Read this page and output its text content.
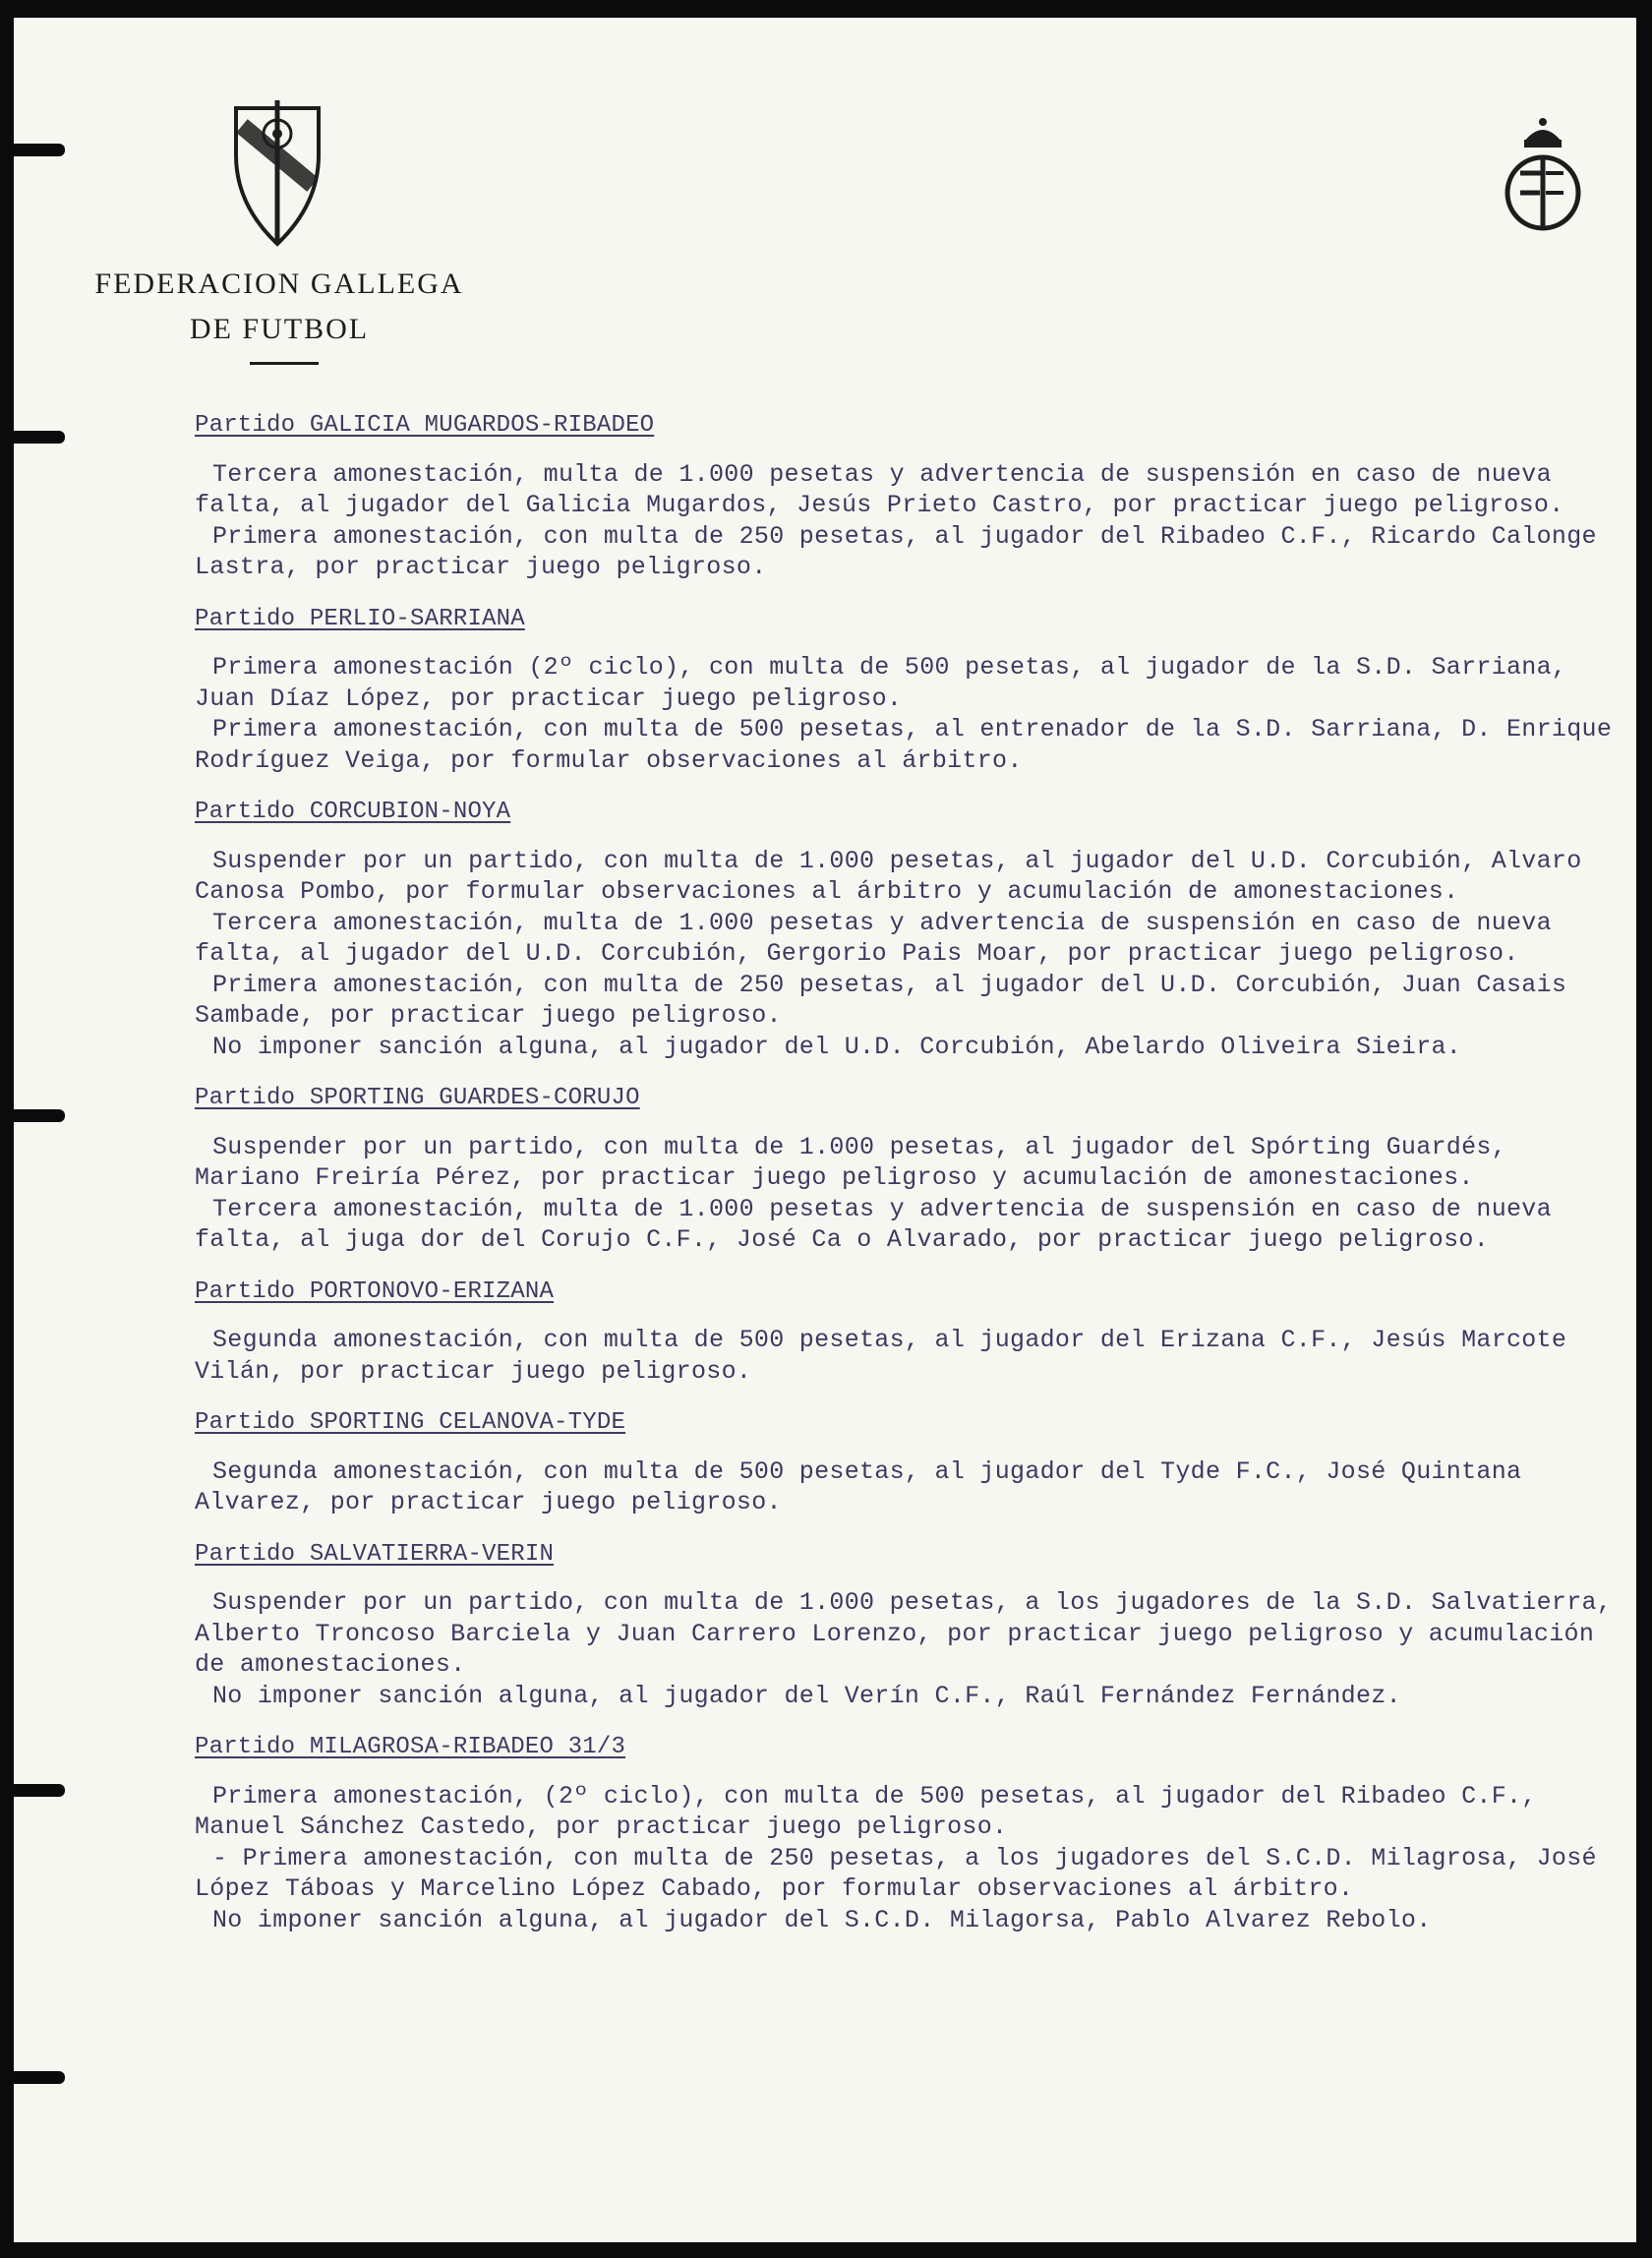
FEDERACION GALLEGA
DE FUTBOL
Partido GALICIA MUGARDOS-RIBADEO

Tercera amonestación, multa de 1.000 pesetas y advertencia de suspensión en caso de nueva falta, al jugador del Galicia Mugardos, Jesús Prieto Castro, por practicar juego peligroso.

Primera amonestación, con multa de 250 pesetas, al jugador del Ribadeo C.F., Ricardo Calonge Lastra, por practicar juego peligroso.

Partido PERLIO-SARRIANA

Primera amonestación (2º ciclo), con multa de 500 pesetas, al jugador de la S.D. Sarriana, Juan Díaz López, por practicar juego peligroso.

Primera amonestación, con multa de 500 pesetas, al entrenador de la S.D. Sarriana, D. Enrique Rodríguez Veiga, por formular observaciones al árbitro.

Partido CORCUBION-NOYA

Suspender por un partido, con multa de 1.000 pesetas, al jugador del U.D. Corcubión, Alvaro Canosa Pombo, por formular observaciones al árbitro y acumulación de amonestaciones.

Tercera amonestación, multa de 1.000 pesetas y advertencia de suspensión en caso de nueva falta, al jugador del U.D. Corcubión, Gergorio Pais Moar, por practicar juego peligroso.

Primera amonestación, con multa de 250 pesetas, al jugador del U.D. Corcubión, Juan Casais Sambade, por practicar juego peligroso.

No imponer sanción alguna, al jugador del U.D. Corcubión, Abelardo Oliveira Sieira.

Partido SPORTING GUARDES-CORUJO

Suspender por un partido, con multa de 1.000 pesetas, al jugador del Spórting Guardés, Mariano Freiría Pérez, por practicar juego peligroso y acumulación de amonestaciones.

Tercera amonestación, multa de 1.000 pesetas y advertencia de suspensión en caso de nueva falta, al juga dor del Corujo C.F., José Ca o Alvarado, por practicar juego peligroso.

Partido PORTONOVO-ERIZANA

Segunda amonestación, con multa de 500 pesetas, al jugador del Erizana C.F., Jesús Marcote Vilán, por practicar juego peligroso.

Partido SPORTING CELANOVA-TYDE

Segunda amonestación, con multa de 500 pesetas, al jugador del Tyde F.C., José Quintana Alvarez, por practicar juego peligroso.

Partido SALVATIERRA-VERIN

Suspender por un partido, con multa de 1.000 pesetas, a los jugadores de la S.D. Salvatierra, Alberto Troncoso Barciela y Juan Carrero Lorenzo, por practicar juego peligroso y acumulación de amonestaciones.

No imponer sanción alguna, al jugador del Verín C.F., Raúl Fernández Fernández.

Partido MILAGROSA-RIBADEO 31/3

Primera amonestación, (2º ciclo), con multa de 500 pesetas, al jugador del Ribadeo C.F., Manuel Sánchez Castedo, por practicar juego peligroso.

- Primera amonestación, con multa de 250 pesetas, a los jugadores del S.C.D. Milagrosa, José López Táboas y Marcelino López Cabado, por formular observaciones al árbitro.

No imponer sanción alguna, al jugador del S.C.D. Milagorsa, Pablo Alvarez Rebolo.
